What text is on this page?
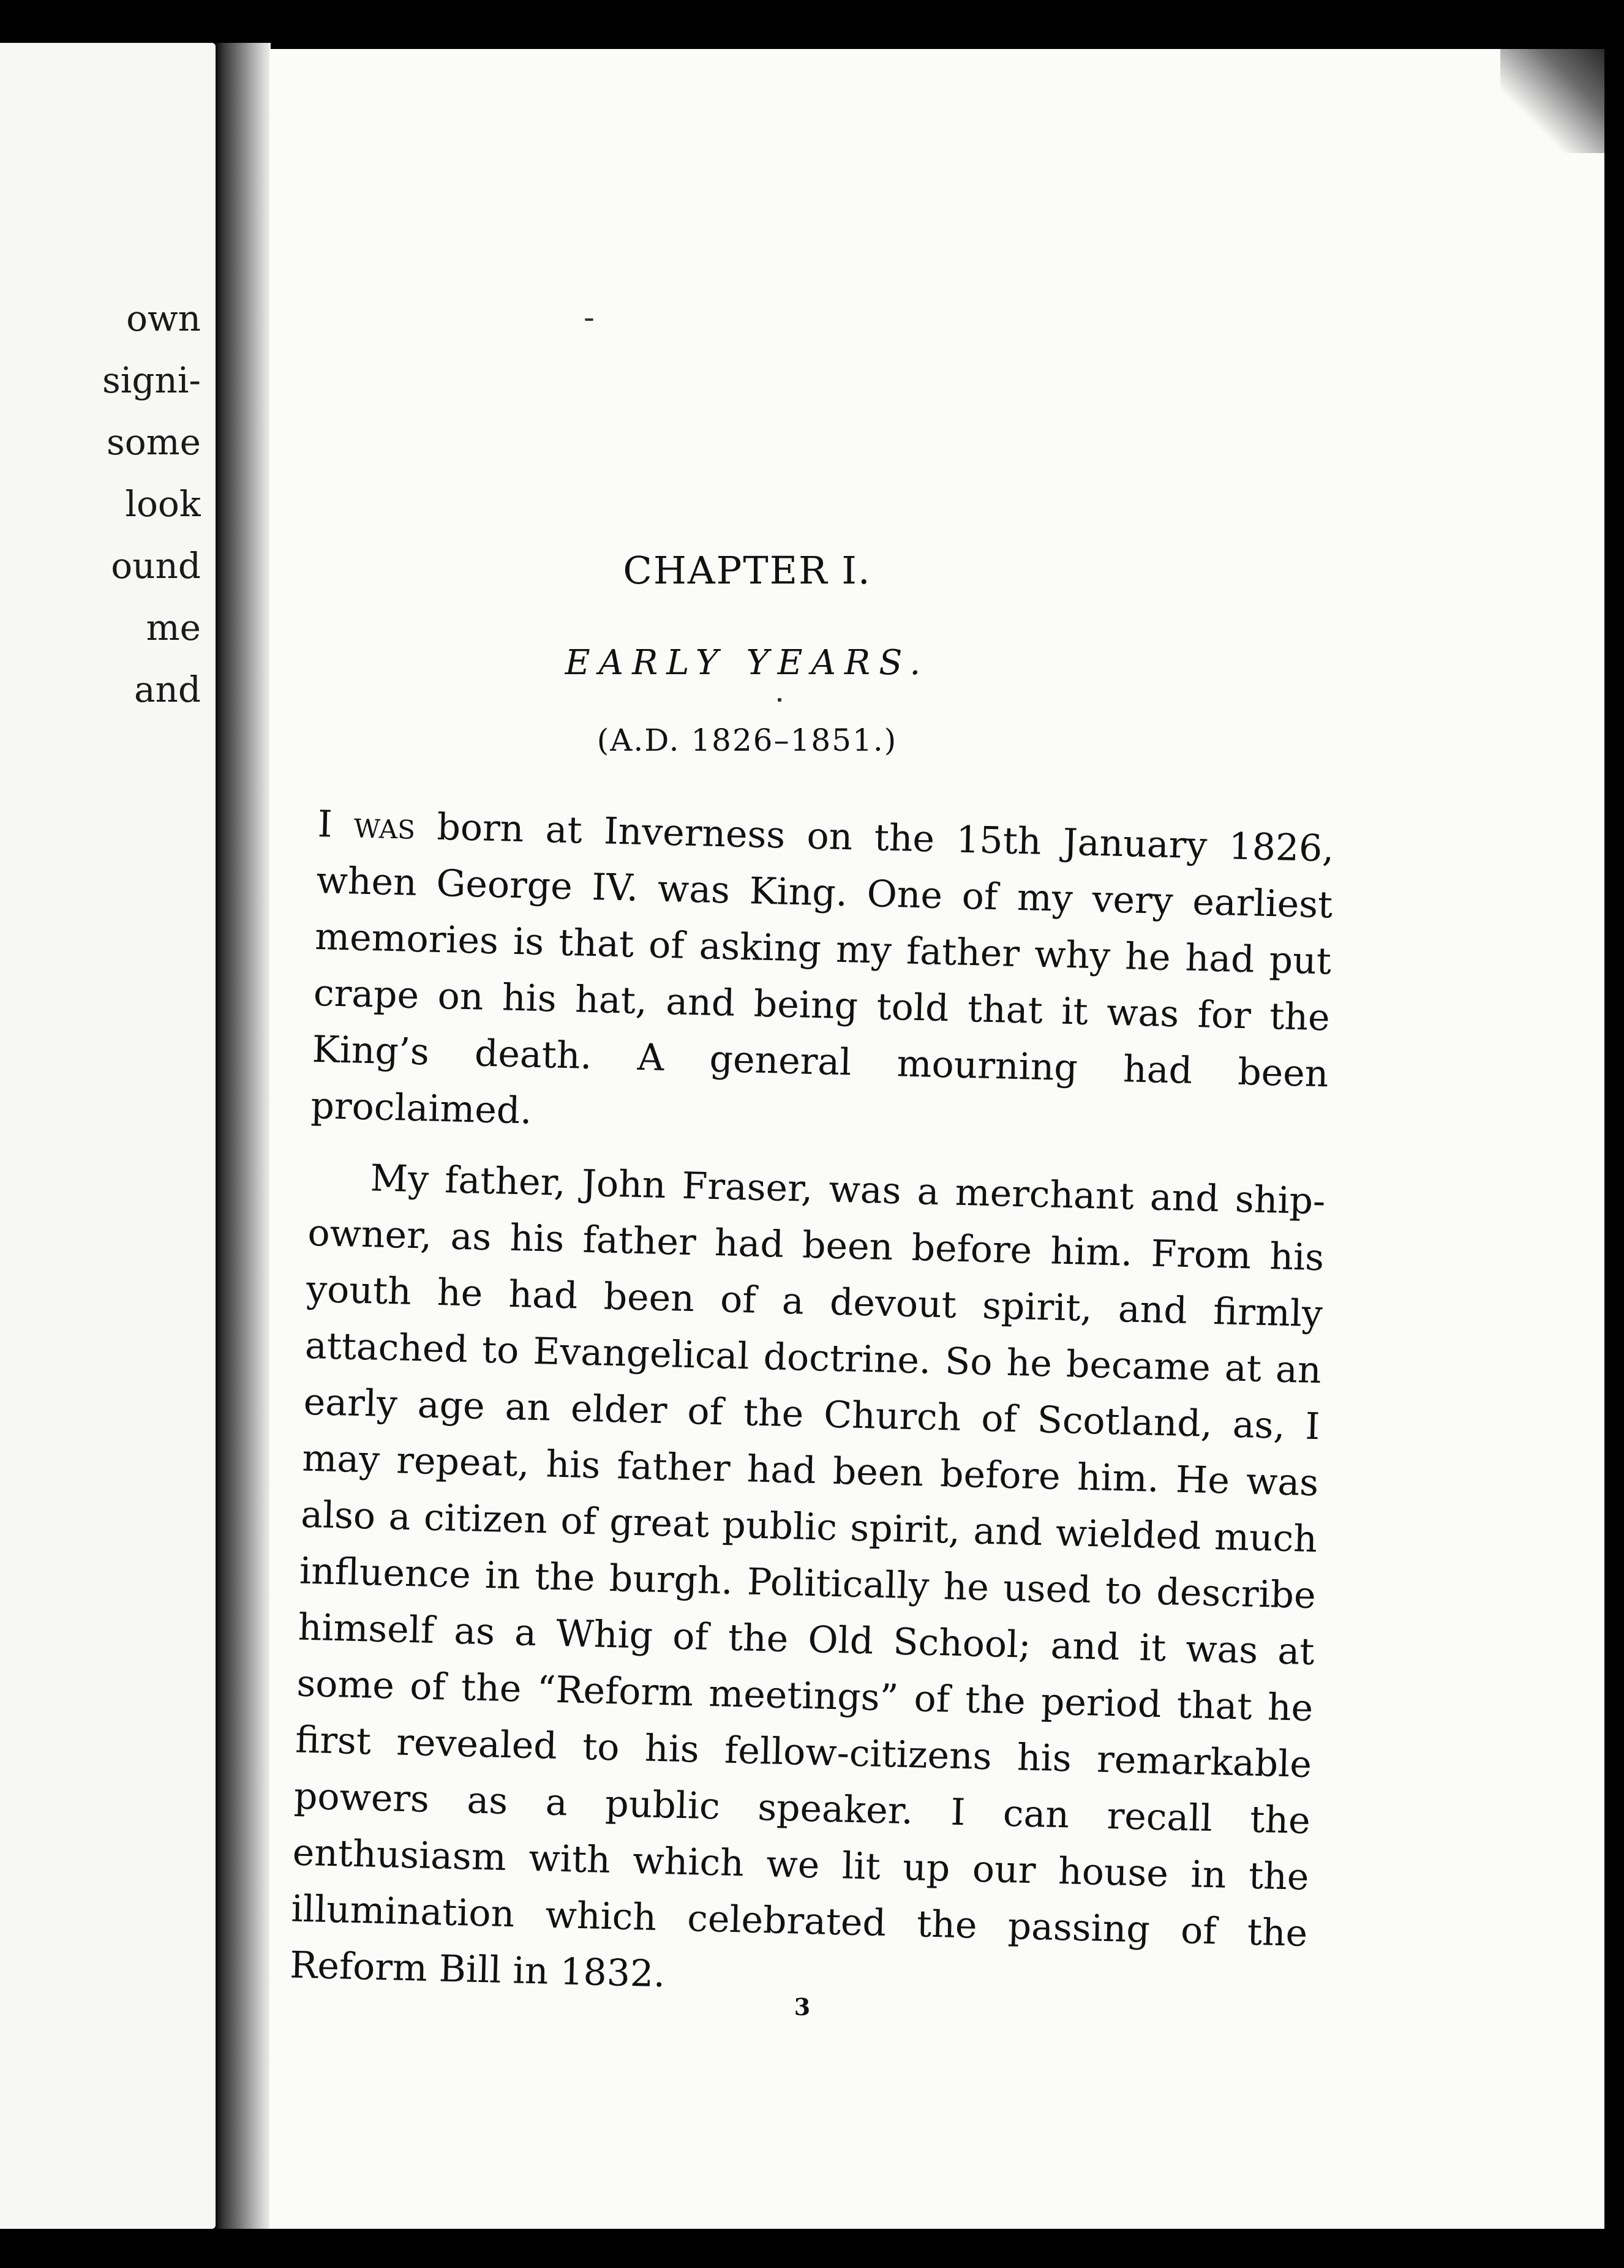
own
signi-
some
look
ound
me
and
CHAPTER I.
EARLY YEARS.
(A.D. 1826–1851.)

I was born at Inverness on the 15th January 1826, when George IV. was King. One of my very earliest memories is that of asking my father why he had put crape on his hat, and being told that it was for the King’s death. A general mourning had been proclaimed.

My father, John Fraser, was a merchant and ship-owner, as his father had been before him. From his youth he had been of a devout spirit, and firmly attached to Evangelical doctrine. So he became at an early age an elder of the Church of Scotland, as, I may repeat, his father had been before him. He was also a citizen of great public spirit, and wielded much influence in the burgh. Politically he used to describe himself as a Whig of the Old School; and it was at some of the “Reform meetings” of the period that he first revealed to his fellow-citizens his remarkable powers as a public speaker. I can recall the enthusiasm with which we lit up our house in the illumination which celebrated the passing of the Reform Bill in 1832.

3
